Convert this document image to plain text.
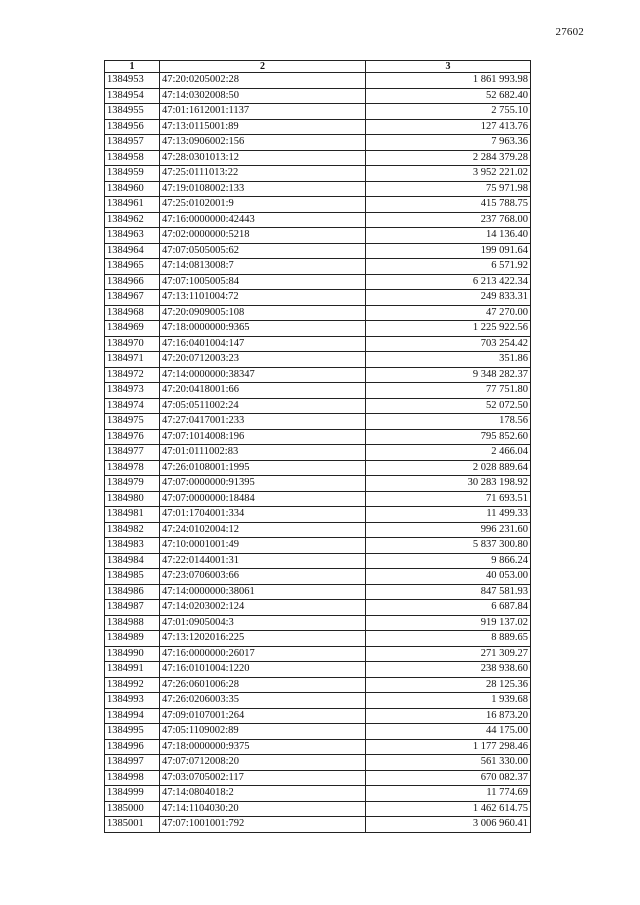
27602
1	2	3
1384953	47:20:0205002:28	1 861 993.98
1384954	47:14:0302008:50	52 682.40
1384955	47:01:1612001:1137	2 755.10
1384956	47:13:0115001:89	127 413.76
1384957	47:13:0906002:156	7 963.36
1384958	47:28:0301013:12	2 284 379.28
1384959	47:25:0111013:22	3 952 221.02
1384960	47:19:0108002:133	75 971.98
1384961	47:25:0102001:9	415 788.75
1384962	47:16:0000000:42443	237 768.00
1384963	47:02:0000000:5218	14 136.40
1384964	47:07:0505005:62	199 091.64
1384965	47:14:0813008:7	6 571.92
1384966	47:07:1005005:84	6 213 422.34
1384967	47:13:1101004:72	249 833.31
1384968	47:20:0909005:108	47 270.00
1384969	47:18:0000000:9365	1 225 922.56
1384970	47:16:0401004:147	703 254.42
1384971	47:20:0712003:23	351.86
1384972	47:14:0000000:38347	9 348 282.37
1384973	47:20:0418001:66	77 751.80
1384974	47:05:0511002:24	52 072.50
1384975	47:27:0417001:233	178.56
1384976	47:07:1014008:196	795 852.60
1384977	47:01:0111002:83	2 466.04
1384978	47:26:0108001:1995	2 028 889.64
1384979	47:07:0000000:91395	30 283 198.92
1384980	47:07:0000000:18484	71 693.51
1384981	47:01:1704001:334	11 499.33
1384982	47:24:0102004:12	996 231.60
1384983	47:10:0001001:49	5 837 300.80
1384984	47:22:0144001:31	9 866.24
1384985	47:23:0706003:66	40 053.00
1384986	47:14:0000000:38061	847 581.93
1384987	47:14:0203002:124	6 687.84
1384988	47:01:0905004:3	919 137.02
1384989	47:13:1202016:225	8 889.65
1384990	47:16:0000000:26017	271 309.27
1384991	47:16:0101004:1220	238 938.60
1384992	47:26:0601006:28	28 125.36
1384993	47:26:0206003:35	1 939.68
1384994	47:09:0107001:264	16 873.20
1384995	47:05:1109002:89	44 175.00
1384996	47:18:0000000:9375	1 177 298.46
1384997	47:07:0712008:20	561 330.00
1384998	47:03:0705002:117	670 082.37
1384999	47:14:0804018:2	11 774.69
1385000	47:14:1104030:20	1 462 614.75
1385001	47:07:1001001:792	3 006 960.41
